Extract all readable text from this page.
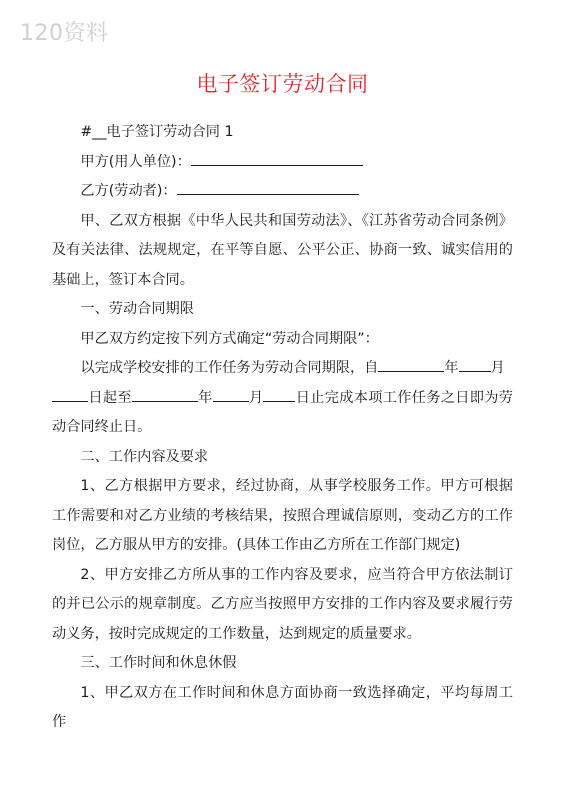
120资料
电子签订劳动合同

#__电子签订劳动合同 1

甲方(用人单位)：

乙方(劳动者)：

甲、乙双方根据《中华人民共和国劳动法》、《江苏省劳动合同条例》及有关法律、法规规定，在平等自愿、公平公正、协商一致、诚实信用的基础上，签订本合同。

一、劳动合同期限

甲乙双方约定按下列方式确定“劳动合同期限”：

以完成学校安排的工作任务为劳动合同期限，自	年 月
日起至	年	月 日止完成本项工作任务之日即为劳动合同终止日。

二、工作内容及要求

1、乙方根据甲方要求，经过协商，从事学校服务工作。甲方可根据工作需要和对乙方业绩的考核结果，按照合理诚信原则，变动乙方的工作岗位，乙方服从甲方的安排。(具体工作由乙方所在工作部门规定)

2、甲方安排乙方所从事的工作内容及要求，应当符合甲方依法制订的并已公示的规章制度。乙方应当按照甲方安排的工作内容及要求履行劳动义务，按时完成规定的工作数量，达到规定的质量要求。

三、工作时间和休息休假

1、甲乙双方在工作时间和休息方面协商一致选择确定，平均每周工作
